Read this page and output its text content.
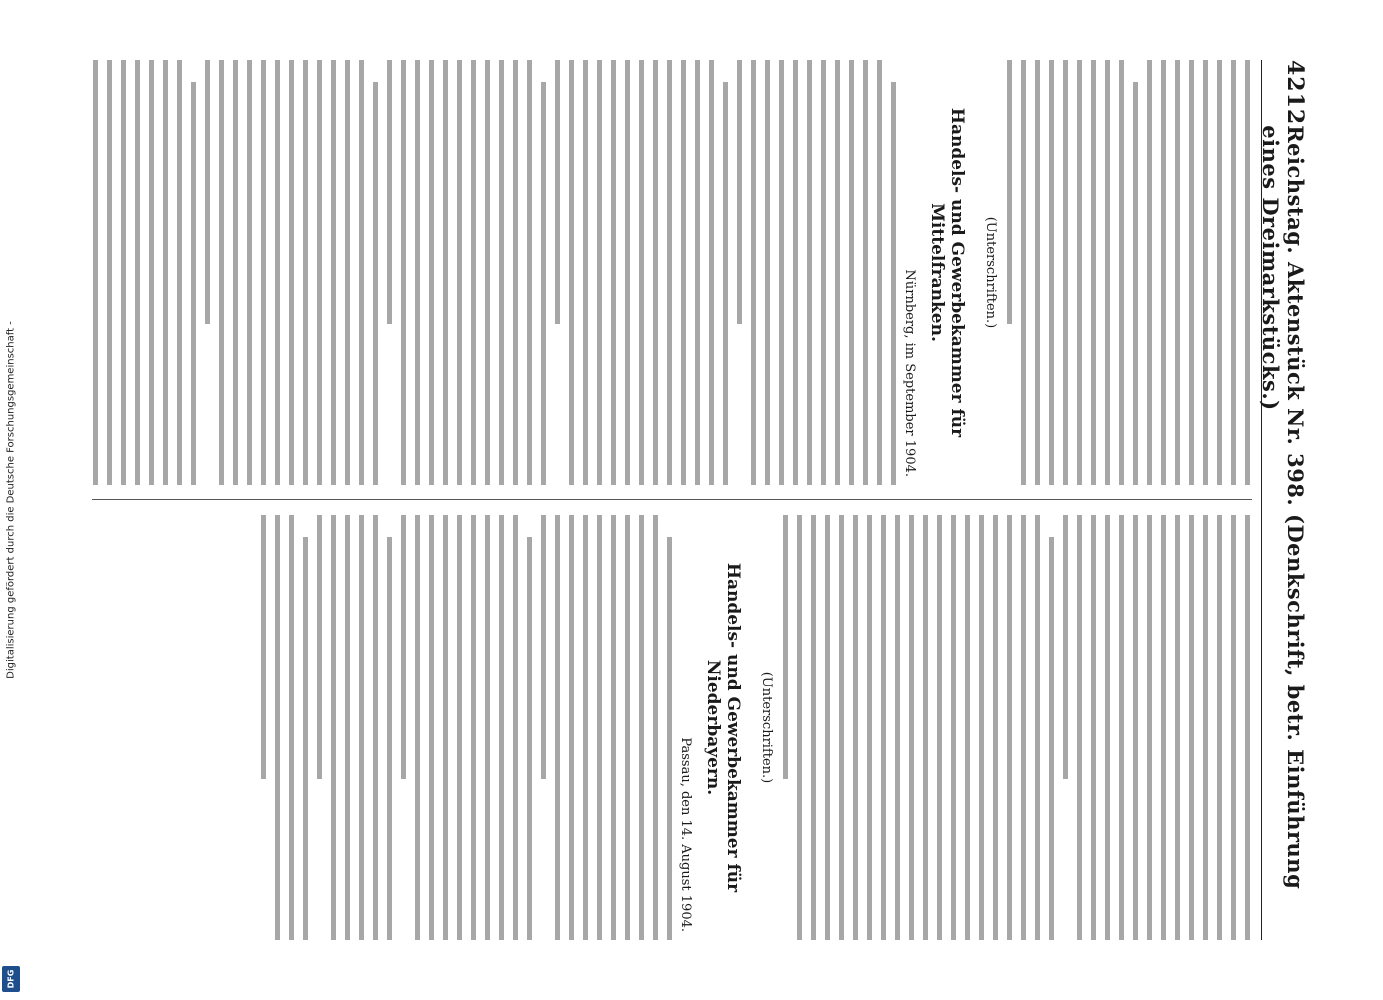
Digitalisierung gefördert durch die Deutsche Forschungsgemeinschaft -
DFG
4212
Reichstag. Aktenstück Nr. 398. (Denkschrift, betr. Einführung eines Dreimarkstücks.)
(Unterschriften.)
Handels- und Gewerbekammer für Mittelfranken.
Nürnberg, im September 1904.
(Unterschriften.)
Handels- und Gewerbekammer für Niederbayern.
Passau, den 14. August 1904.
